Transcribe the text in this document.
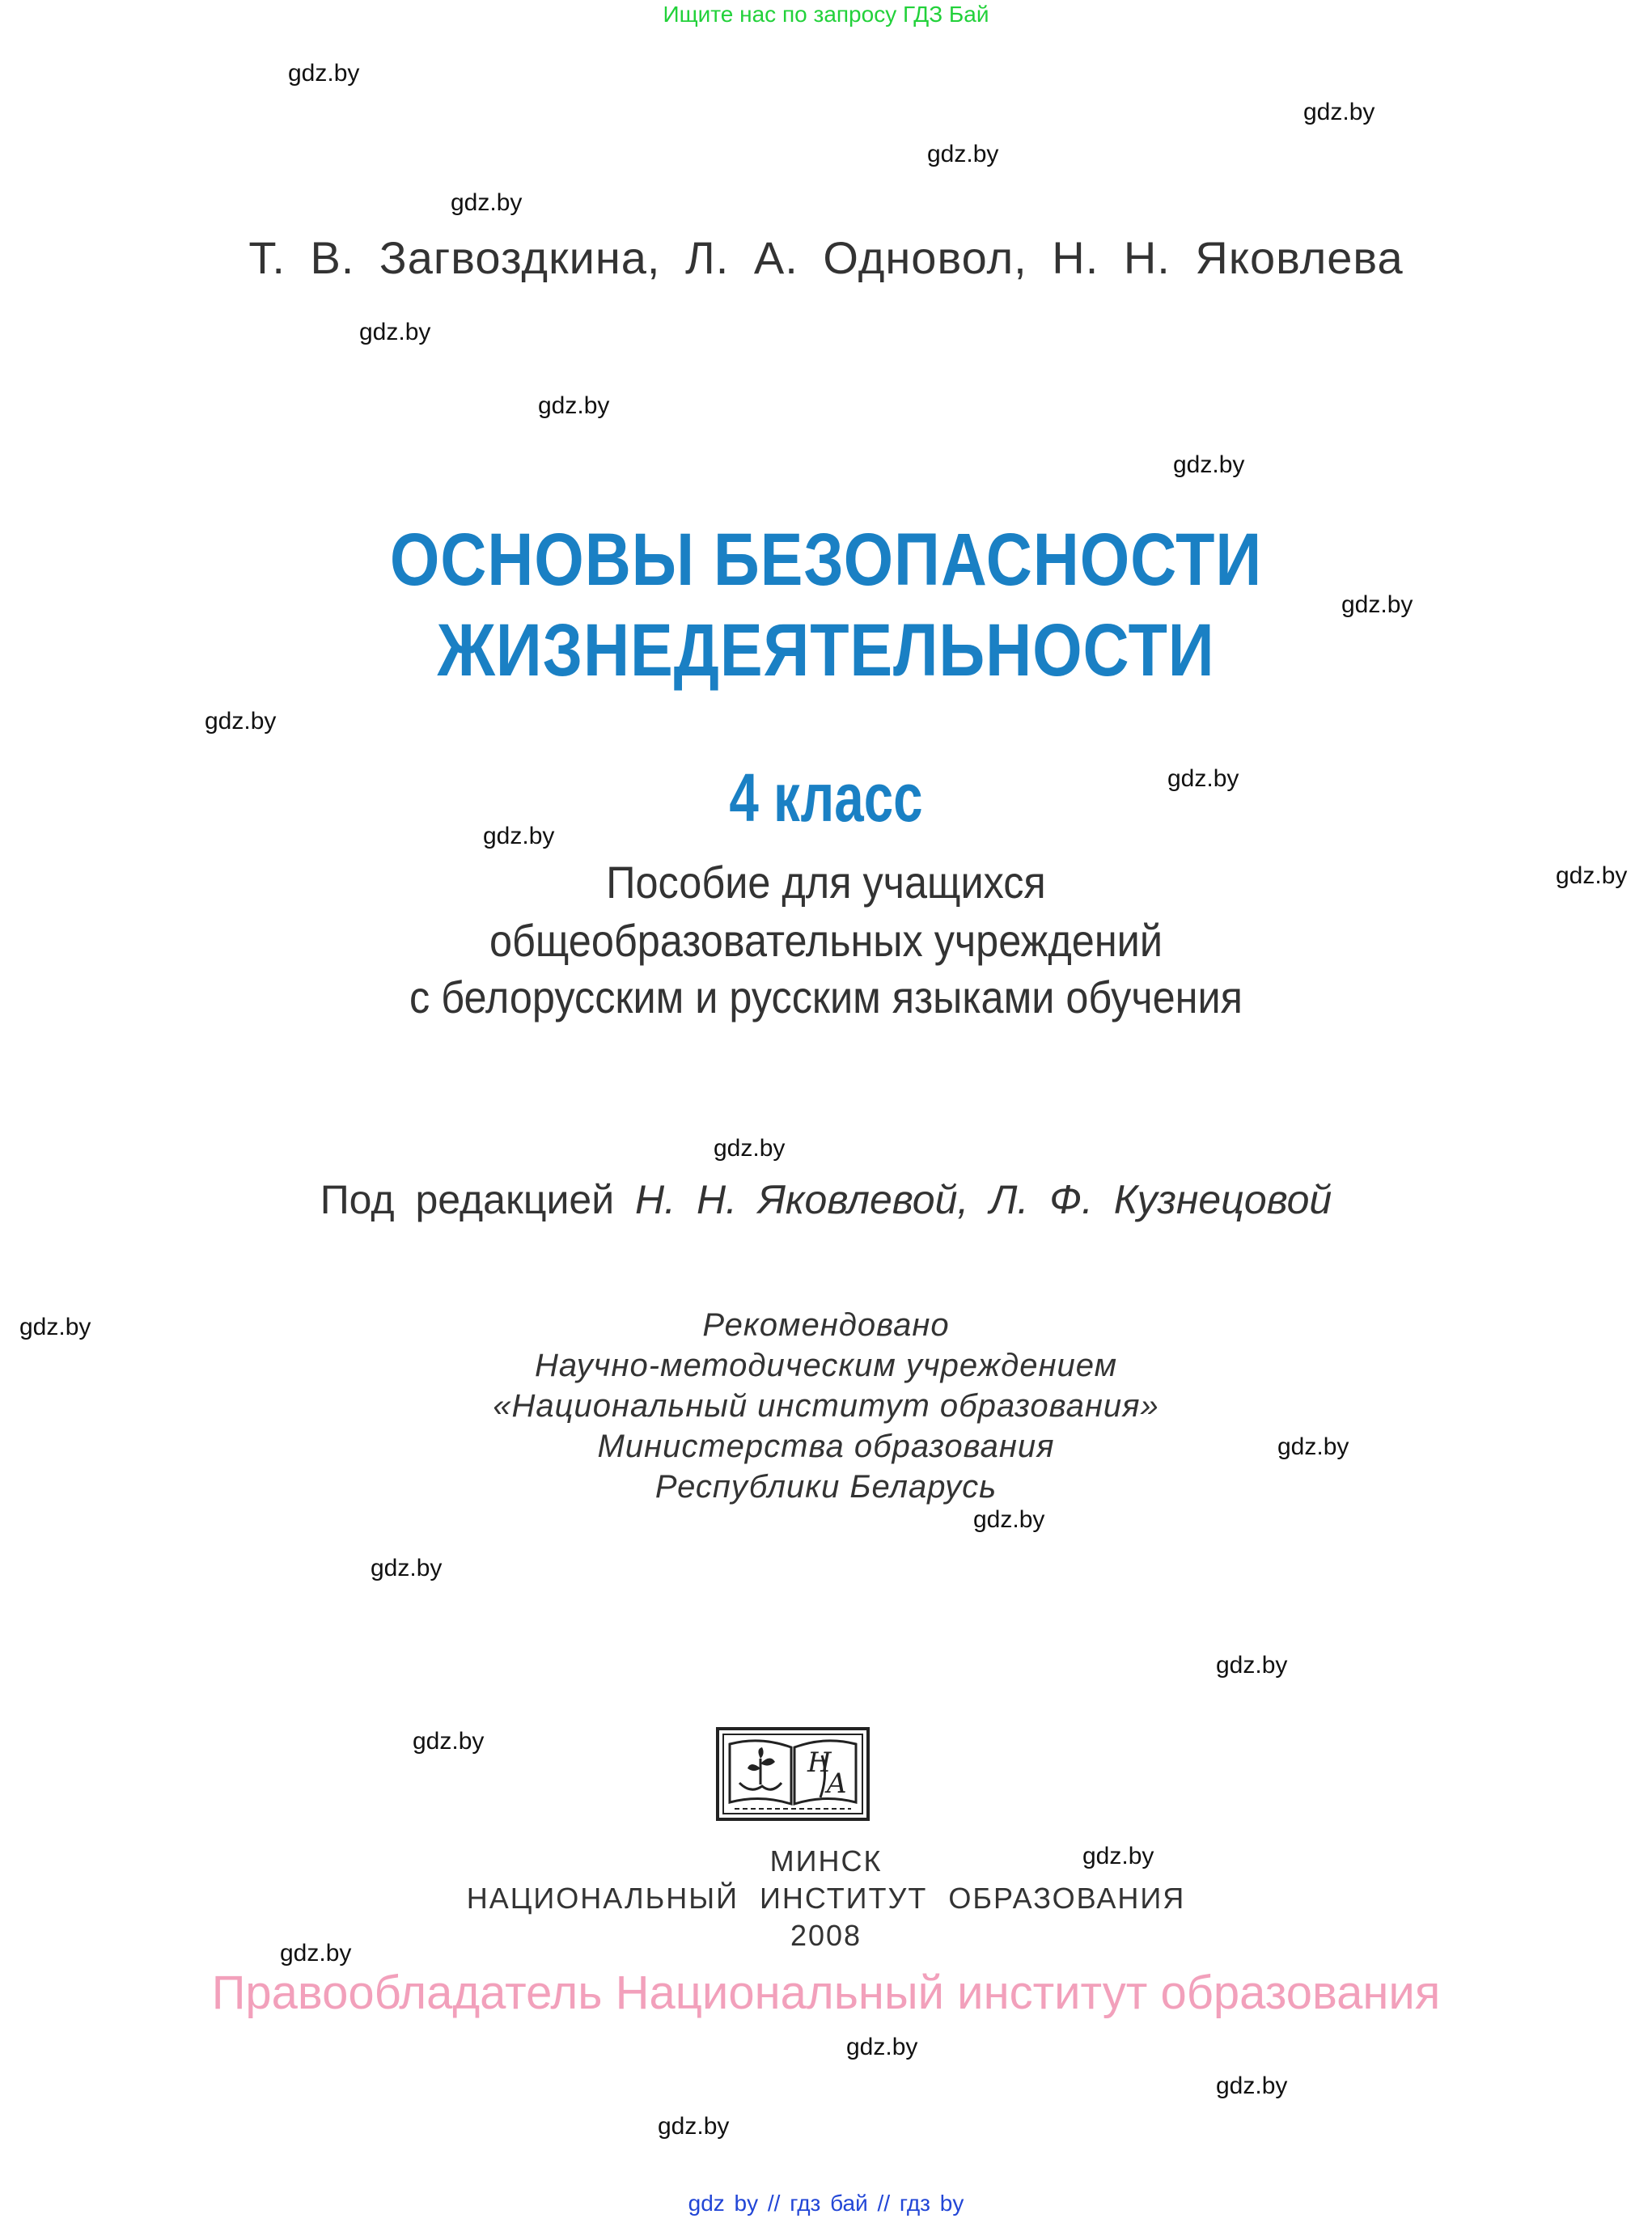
Ищите нас по запросу ГДЗ Бай
gdz.by
gdz.by
gdz.by
gdz.by
gdz.by
gdz.by
gdz.by
gdz.by
gdz.by
gdz.by
gdz.by
gdz.by
gdz.by
gdz.by
gdz.by
gdz.by
gdz.by
gdz.by
gdz.by
gdz.by
gdz.by
gdz.by
gdz.by
gdz.by
Т. В. Загвоздкина, Л. А. Одновол, Н. Н. Яковлева
ОСНОВЫ БЕЗОПАСНОСТИ
ЖИЗНЕДЕЯТЕЛЬНОСТИ
4 класс
Пособие для учащихся
общеобразовательных учреждений
с белорусским и русским языками обучения
Под редакцией Н. Н. Яковлевой, Л. Ф. Кузнецовой
Рекомендовано
Научно-методическим учреждением
«Национальный институт образования»
Министерства образования
Республики Беларусь
H
A
МИНСК
НАЦИОНАЛЬНЫЙ ИНСТИТУТ ОБРАЗОВАНИЯ
2008
Правообладатель Национальный институт образования
gdz by // гдз бай // гдз by
